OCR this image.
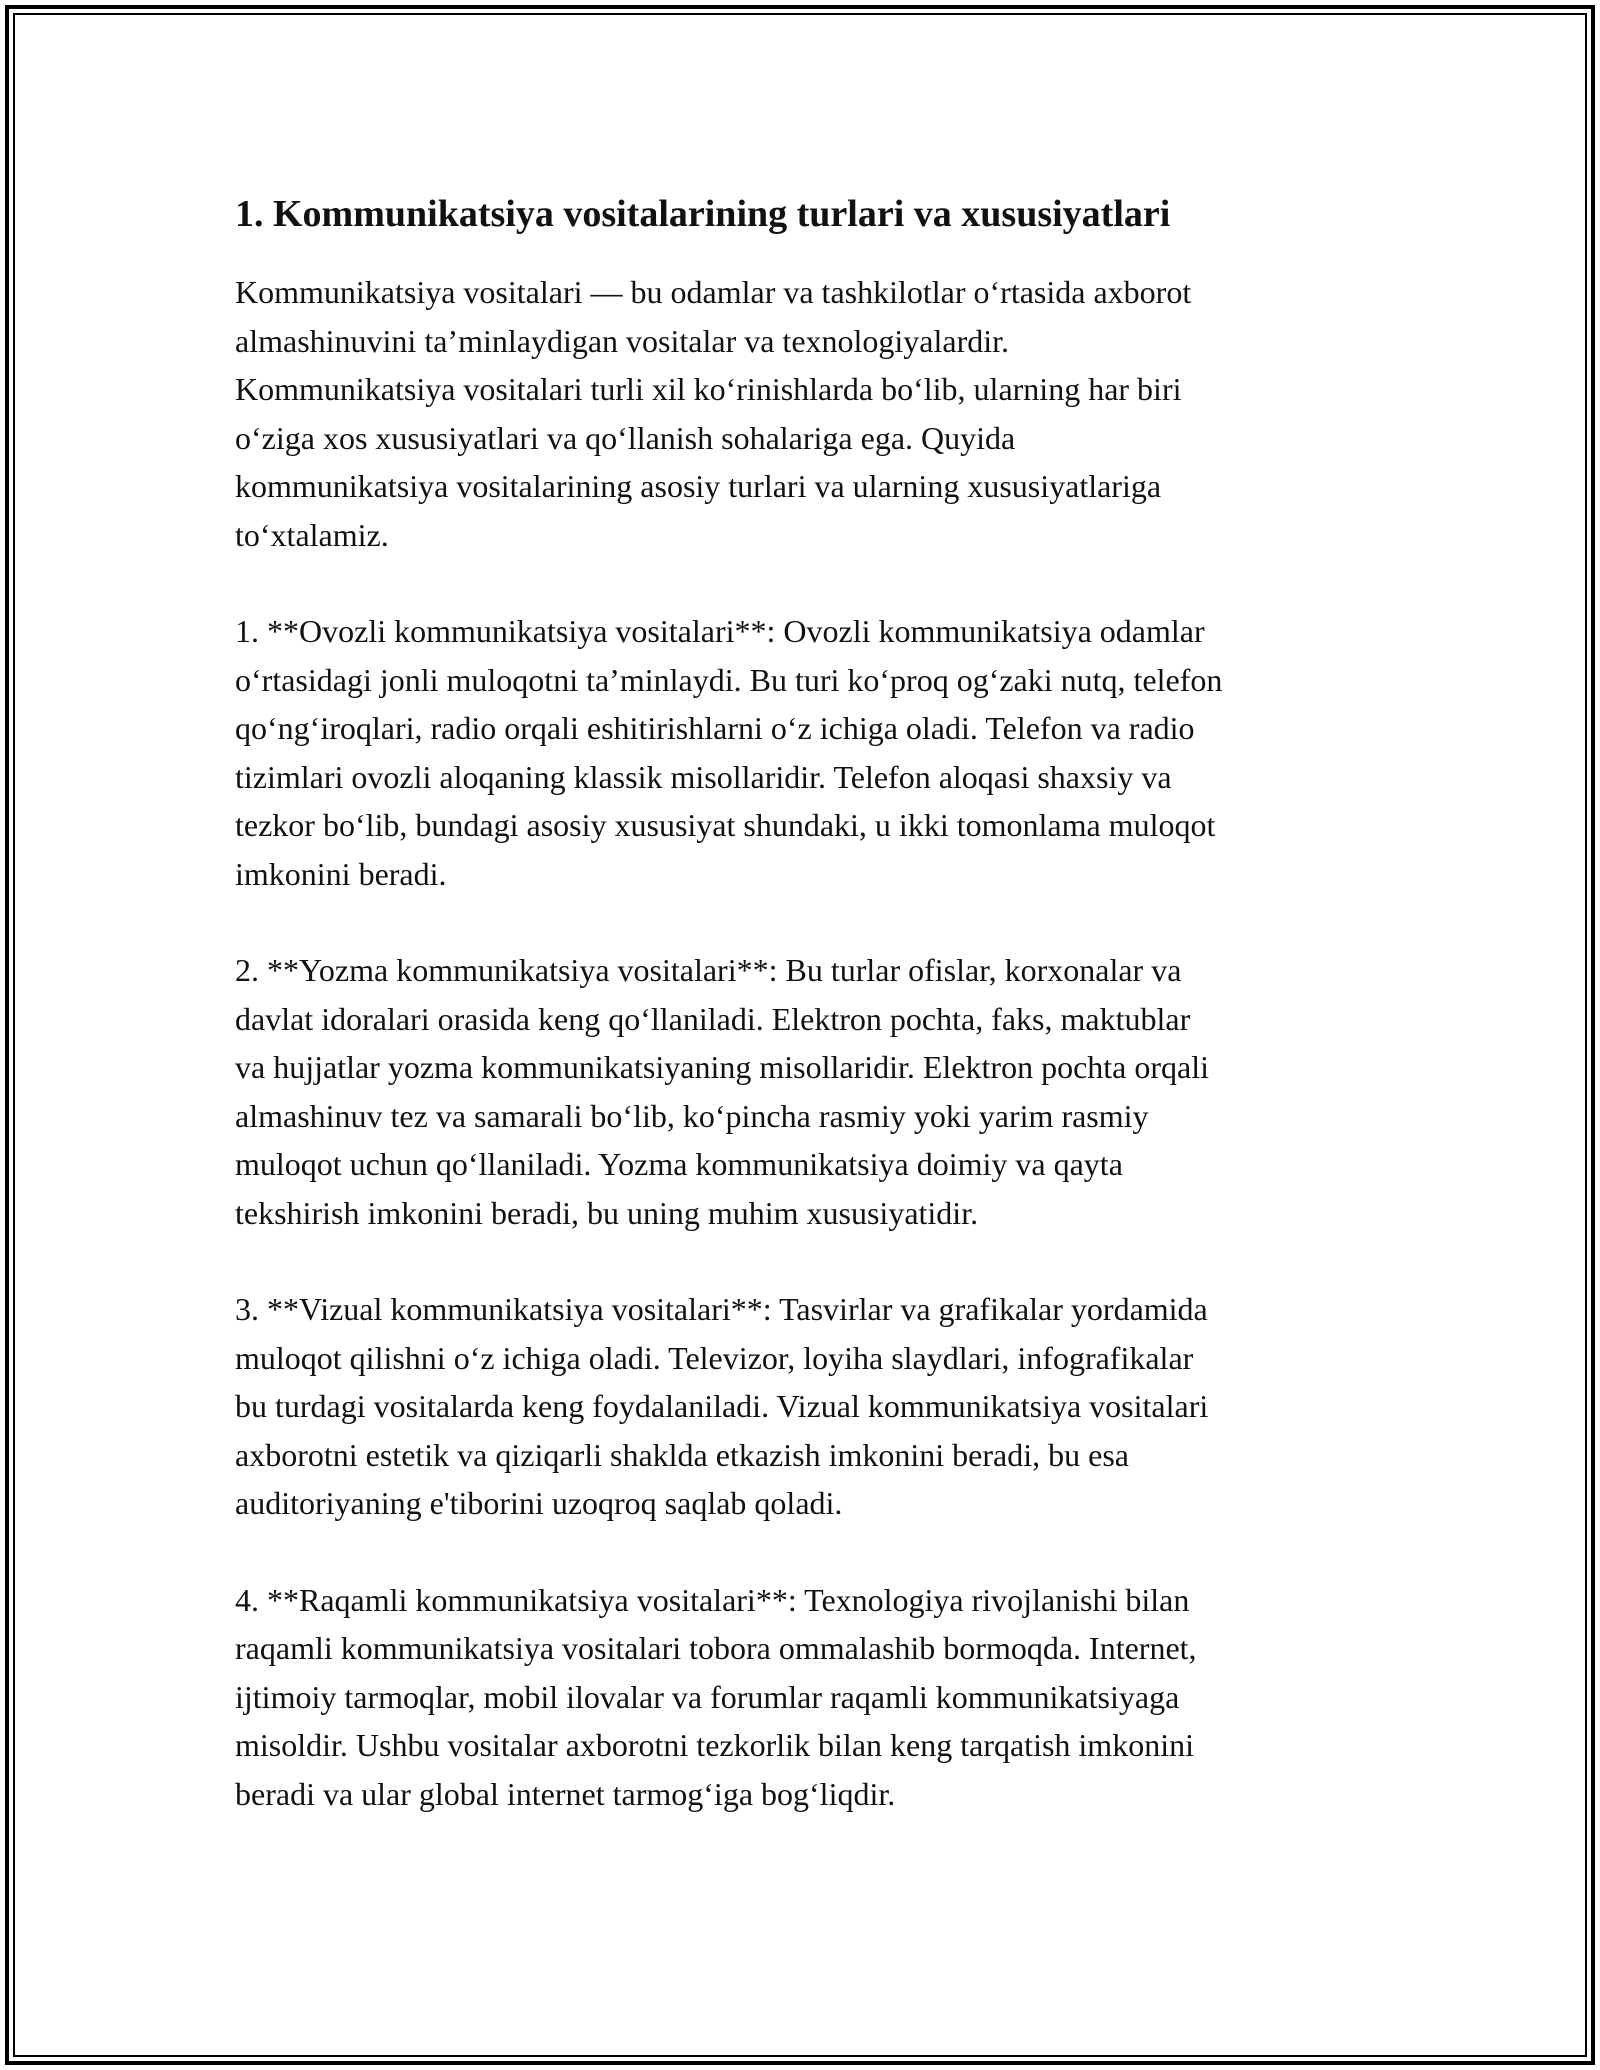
1. Kommunikatsiya vositalarining turlari va xususiyatlari

Kommunikatsiya vositalari — bu odamlar va tashkilotlar o‘rtasida axborot
almashinuvini ta’minlaydigan vositalar va texnologiyalardir.
Kommunikatsiya vositalari turli xil ko‘rinishlarda bo‘lib, ularning har biri
o‘ziga xos xususiyatlari va qo‘llanish sohalariga ega. Quyida
kommunikatsiya vositalarining asosiy turlari va ularning xususiyatlariga
to‘xtalamiz.

1. **Ovozli kommunikatsiya vositalari**: Ovozli kommunikatsiya odamlar
o‘rtasidagi jonli muloqotni ta’minlaydi. Bu turi ko‘proq og‘zaki nutq, telefon
qo‘ng‘iroqlari, radio orqali eshitirishlarni o‘z ichiga oladi. Telefon va radio
tizimlari ovozli aloqaning klassik misollaridir. Telefon aloqasi shaxsiy va
tezkor bo‘lib, bundagi asosiy xususiyat shundaki, u ikki tomonlama muloqot
imkonini beradi.

2. **Yozma kommunikatsiya vositalari**: Bu turlar ofislar, korxonalar va
davlat idoralari orasida keng qo‘llaniladi. Elektron pochta, faks, maktublar
va hujjatlar yozma kommunikatsiyaning misollaridir. Elektron pochta orqali
almashinuv tez va samarali bo‘lib, ko‘pincha rasmiy yoki yarim rasmiy
muloqot uchun qo‘llaniladi. Yozma kommunikatsiya doimiy va qayta
tekshirish imkonini beradi, bu uning muhim xususiyatidir.

3. **Vizual kommunikatsiya vositalari**: Tasvirlar va grafikalar yordamida
muloqot qilishni o‘z ichiga oladi. Televizor, loyiha slaydlari, infografikalar
bu turdagi vositalarda keng foydalaniladi. Vizual kommunikatsiya vositalari
axborotni estetik va qiziqarli shaklda etkazish imkonini beradi, bu esa
auditoriyaning e'tiborini uzoqroq saqlab qoladi.

4. **Raqamli kommunikatsiya vositalari**: Texnologiya rivojlanishi bilan
raqamli kommunikatsiya vositalari tobora ommalashib bormoqda. Internet,
ijtimoiy tarmoqlar, mobil ilovalar va forumlar raqamli kommunikatsiyaga
misoldir. Ushbu vositalar axborotni tezkorlik bilan keng tarqatish imkonini
beradi va ular global internet tarmog‘iga bog‘liqdir.
